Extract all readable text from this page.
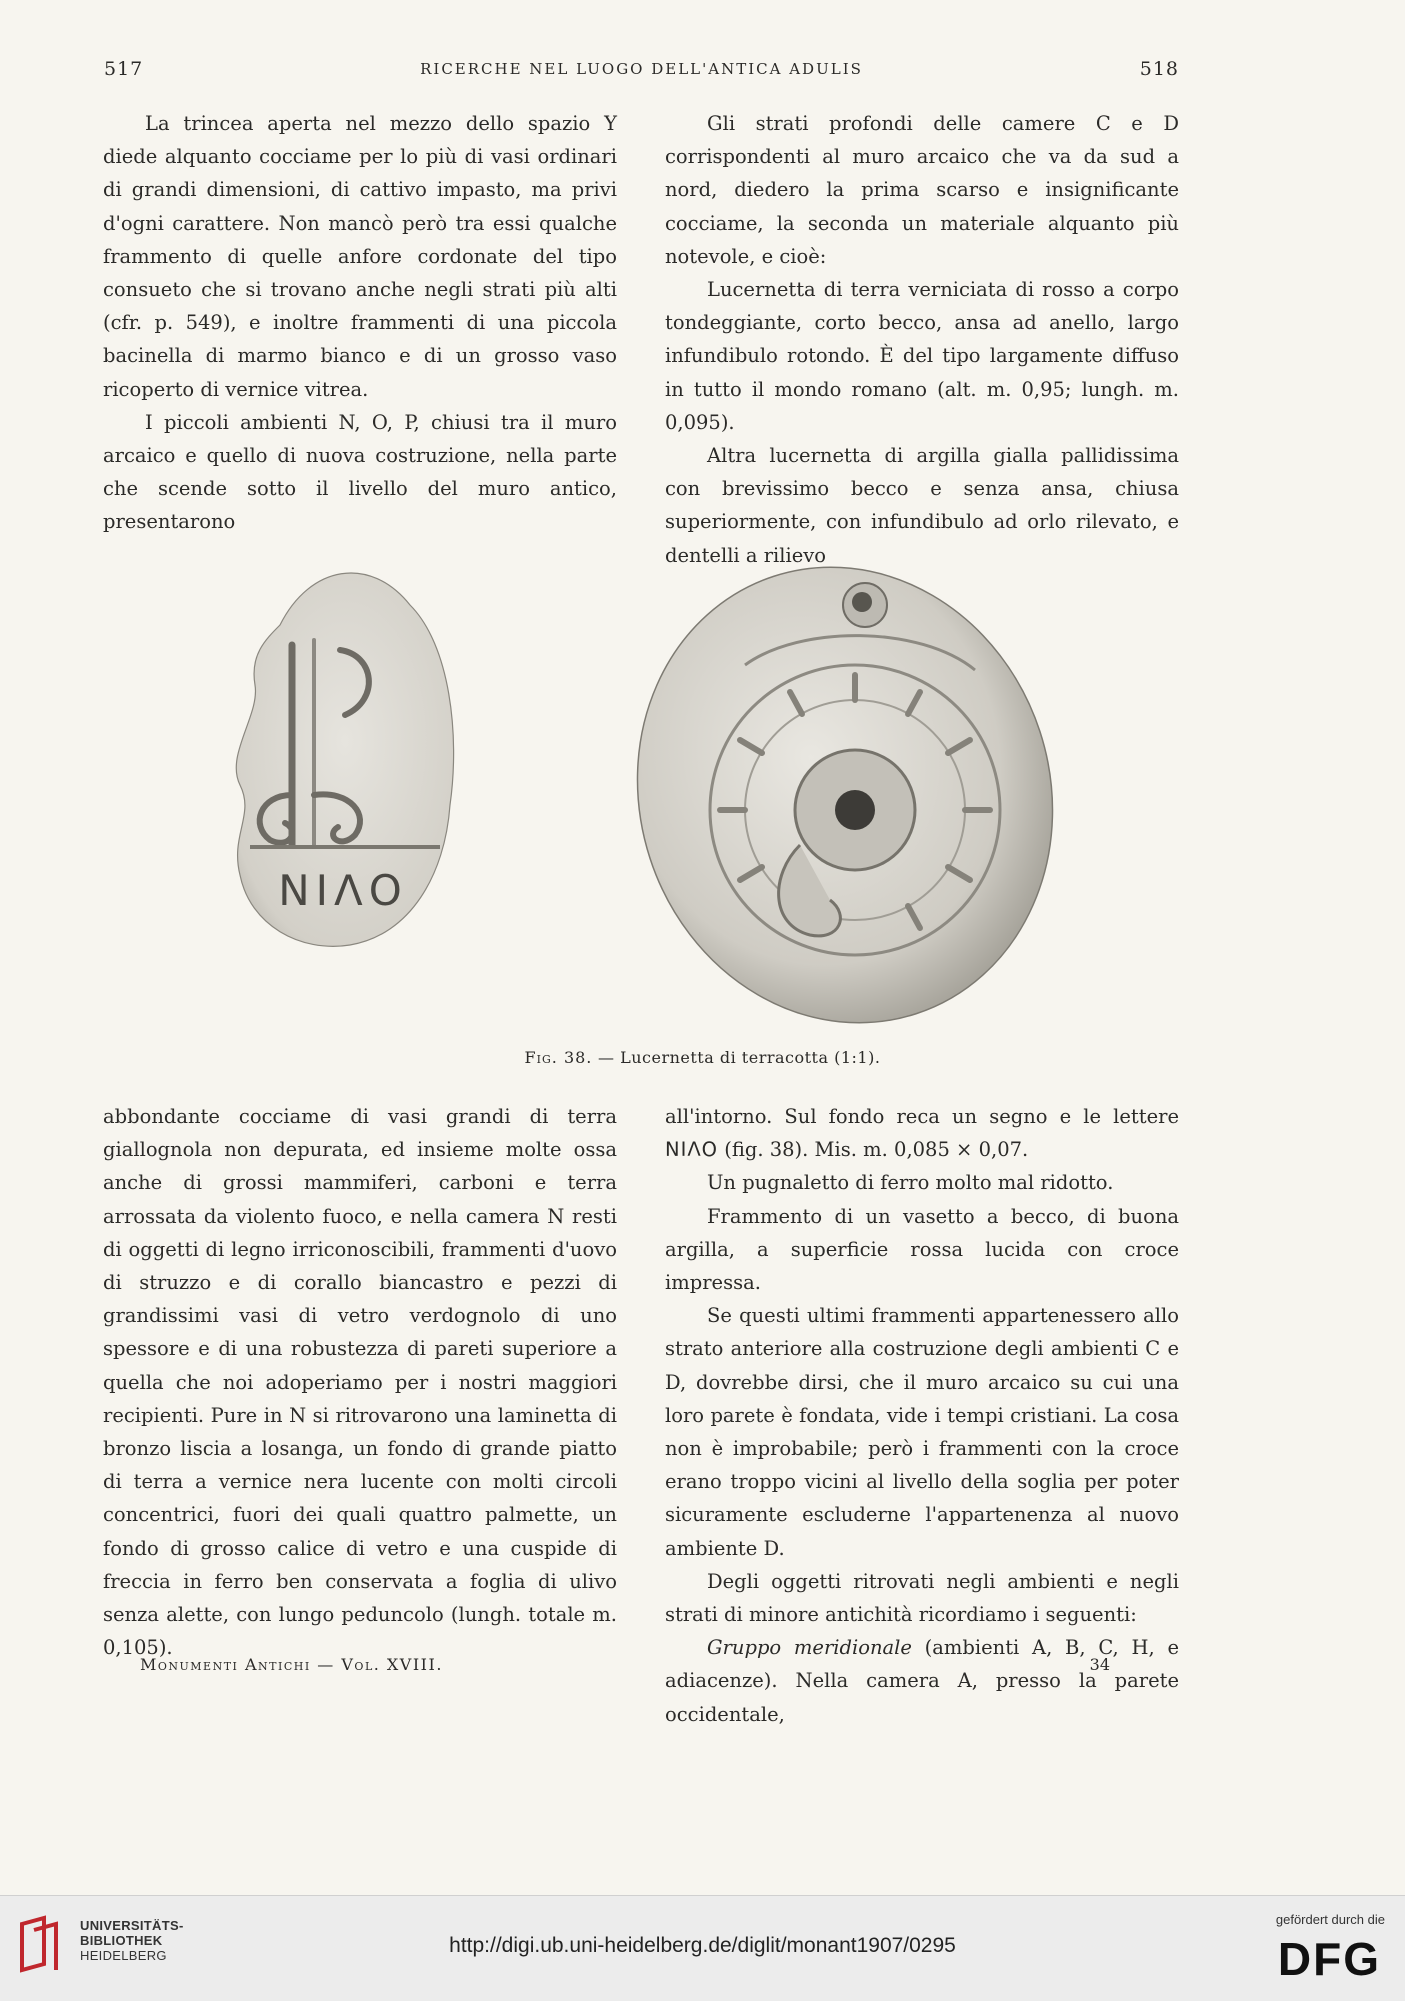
517	RICERCHE NEL LUOGO DELL'ANTICA ADULIS	518

La trincea aperta nel mezzo dello spazio Y diede alquanto cocciame per lo più di vasi ordinari di grandi dimensioni, di cattivo impasto, ma privi d'ogni carattere. Non mancò però tra essi qualche frammento di quelle anfore cordonate del tipo consueto che si trovano anche negli strati più alti (cfr. p. 549), e inoltre frammenti di una piccola bacinella di marmo bianco e di un grosso vaso ricoperto di vernice vitrea.

I piccoli ambienti N, O, P, chiusi tra il muro arcaico e quello di nuova costruzione, nella parte che scende sotto il livello del muro antico, presentarono

Gli strati profondi delle camere C e D corrispondenti al muro arcaico che va da sud a nord, diedero la prima scarso e insignificante cocciame, la seconda un materiale alquanto più notevole, e cioè:

Lucernetta di terra verniciata di rosso a corpo tondeggiante, corto becco, ansa ad anello, largo infundibulo rotondo. È del tipo largamente diffuso in tutto il mondo romano (alt. m. 0,95; lungh. m. 0,095).

Altra lucernetta di argilla gialla pallidissima con brevissimo becco e senza ansa, chiusa superiormente, con infundibulo ad orlo rilevato, e dentelli a rilievo

ΝΙΛΟ
Fig. 38. — Lucernetta di terracotta (1:1).

abbondante cocciame di vasi grandi di terra giallognola non depurata, ed insieme molte ossa anche di grossi mammiferi, carboni e terra arrossata da violento fuoco, e nella camera N resti di oggetti di legno irriconoscibili, frammenti d'uovo di struzzo e di corallo biancastro e pezzi di grandissimi vasi di vetro verdognolo di uno spessore e di una robustezza di pareti superiore a quella che noi adoperiamo per i nostri maggiori recipienti. Pure in N si ritrovarono una laminetta di bronzo liscia a losanga, un fondo di grande piatto di terra a vernice nera lucente con molti circoli concentrici, fuori dei quali quattro palmette, un fondo di grosso calice di vetro e una cuspide di freccia in ferro ben conservata a foglia di ulivo senza alette, con lungo peduncolo (lungh. totale m. 0,105).

all'intorno. Sul fondo reca un segno e le lettere ΝΙΛΟ (fig. 38). Mis. m. 0,085 × 0,07.

Un pugnaletto di ferro molto mal ridotto.

Frammento di un vasetto a becco, di buona argilla, a superficie rossa lucida con croce impressa.

Se questi ultimi frammenti appartenessero allo strato anteriore alla costruzione degli ambienti C e D, dovrebbe dirsi, che il muro arcaico su cui una loro parete è fondata, vide i tempi cristiani. La cosa non è improbabile; però i frammenti con la croce erano troppo vicini al livello della soglia per poter sicuramente escluderne l'appartenenza al nuovo ambiente D.

Degli oggetti ritrovati negli ambienti e negli strati di minore antichità ricordiamo i seguenti:

Gruppo meridionale (ambienti A, B, C, H, e adiacenze). Nella camera A, presso la parete occidentale,

Monumenti Antichi — Vol. XVIII.	34
UNIVERSITÄTS-
BIBLIOTHEK
HEIDELBERG	http://digi.ub.uni-heidelberg.de/diglit/monant1907/0295
gefördert durch die
DFG
